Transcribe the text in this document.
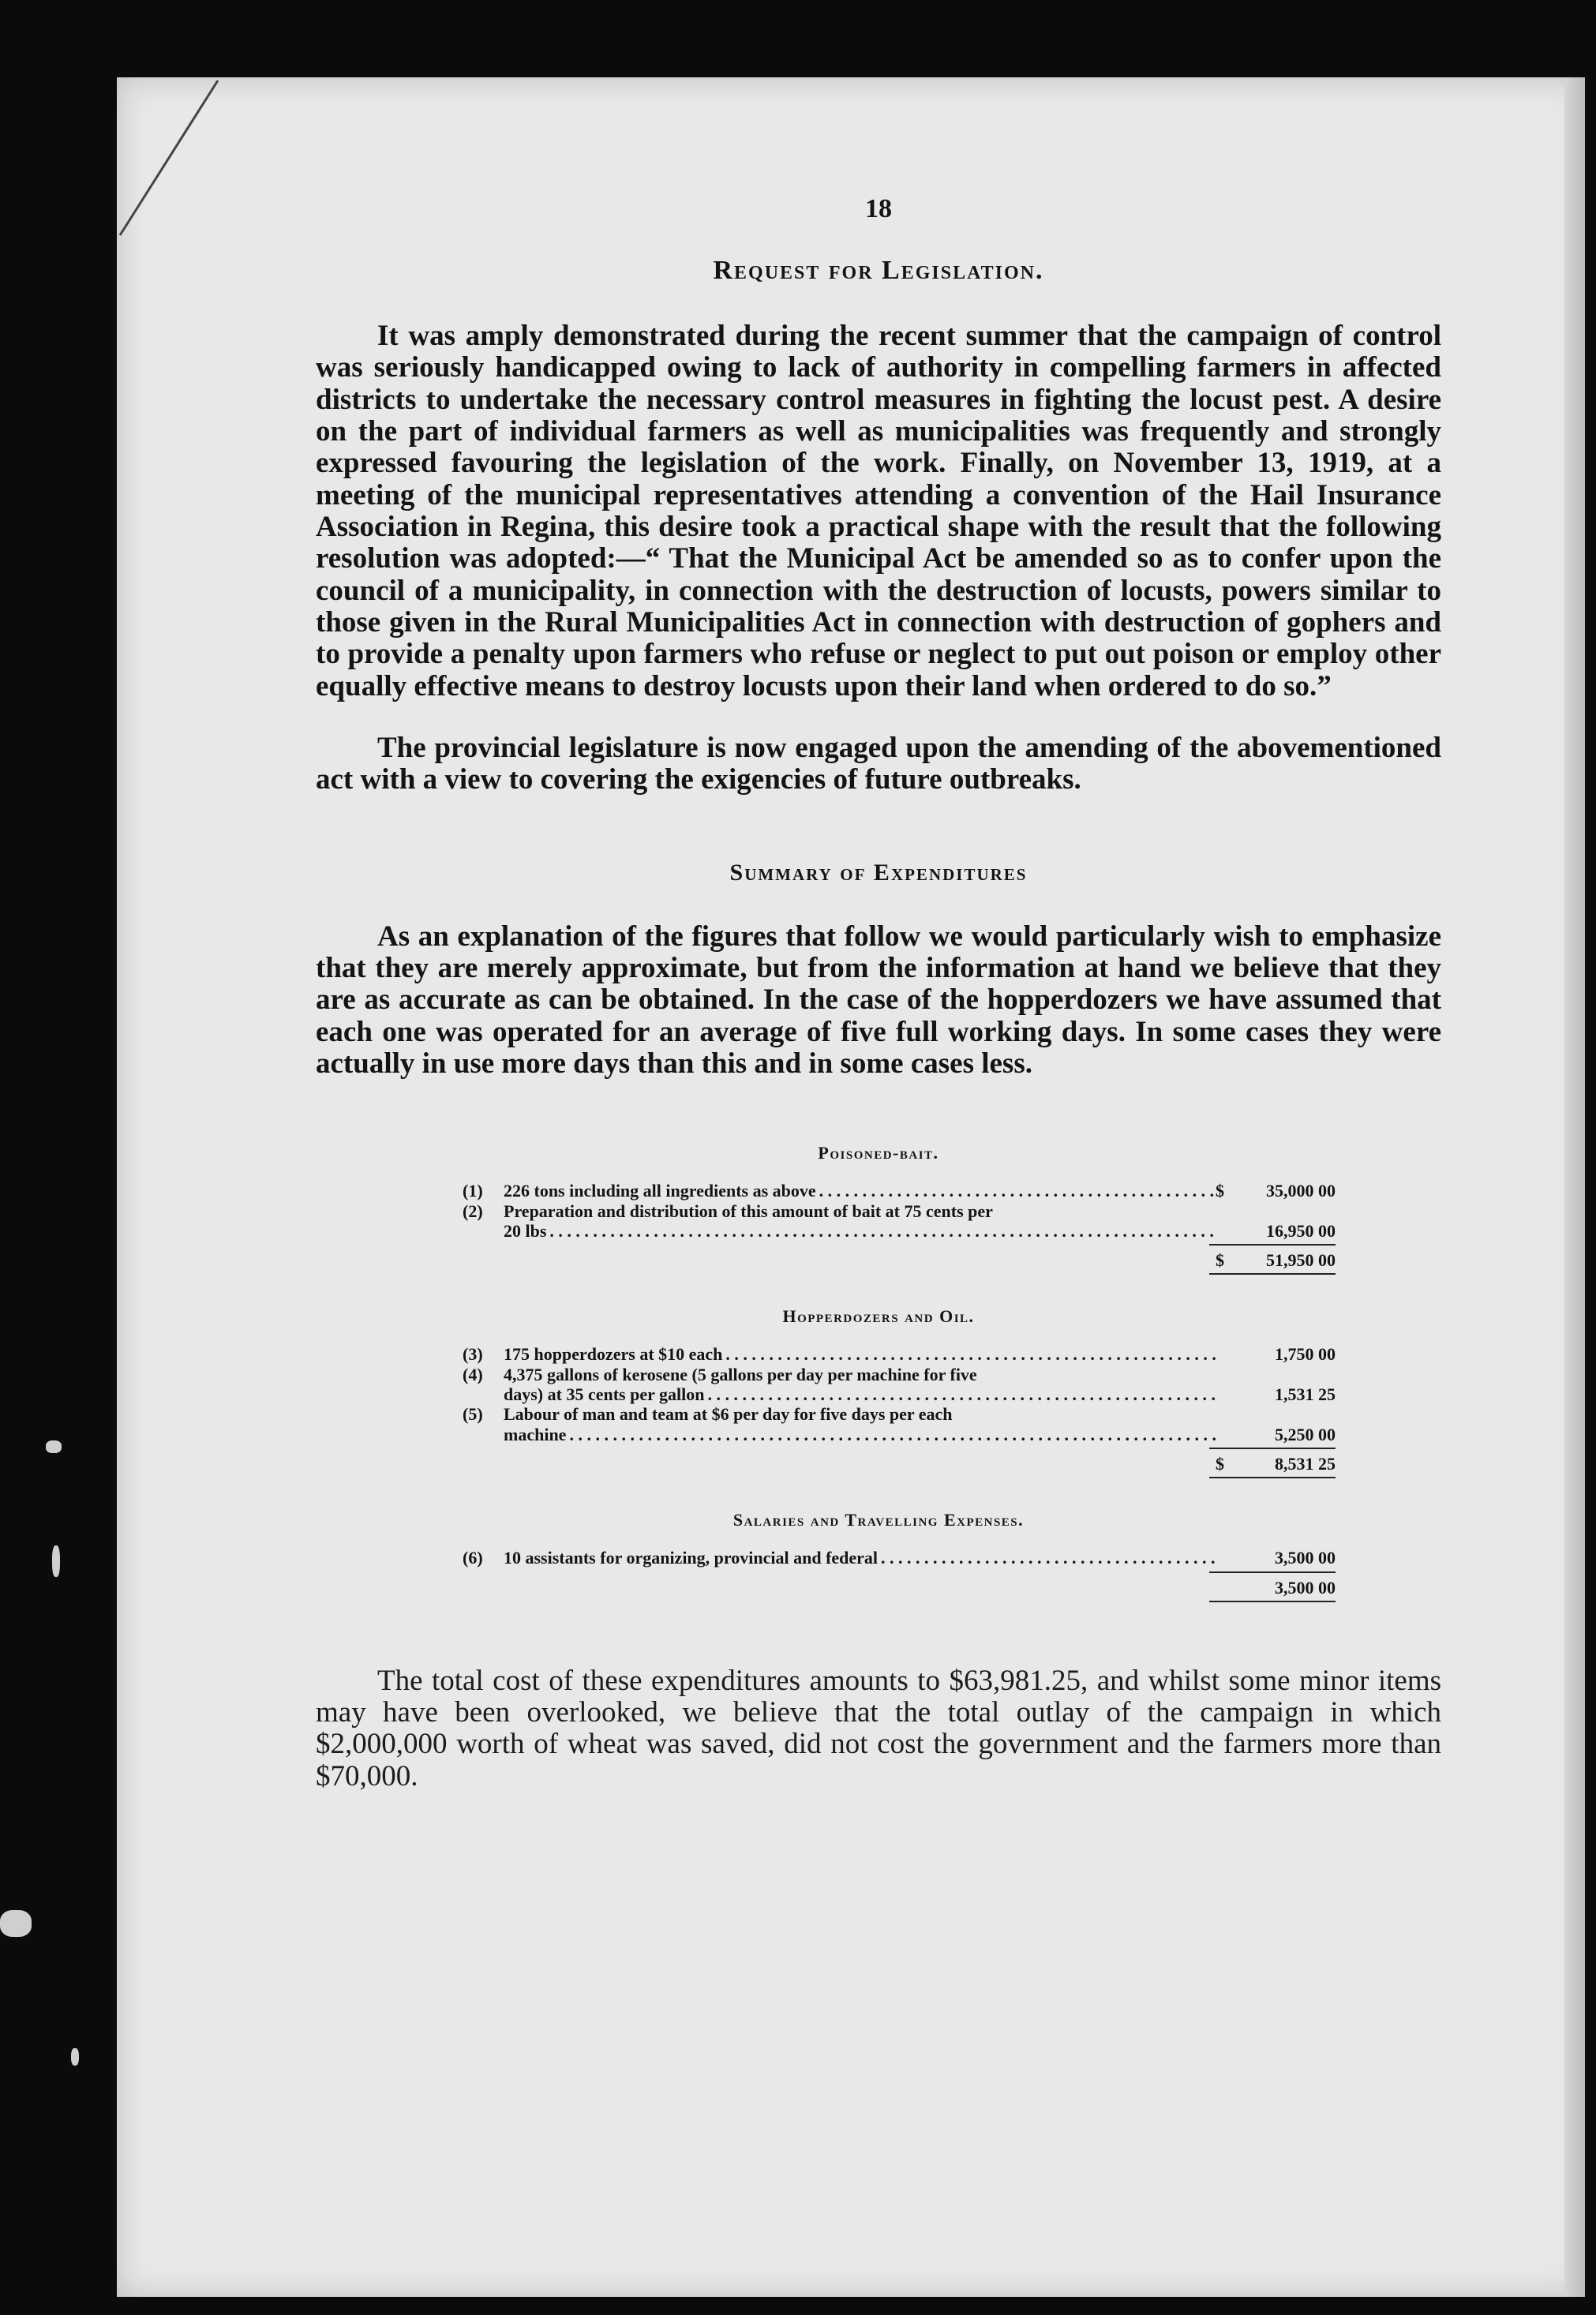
18

Request for Legislation.

It was amply demonstrated during the recent summer that the campaign of control was seriously handicapped owing to lack of authority in compelling farmers in affected districts to undertake the necessary control measures in fighting the locust pest. A desire on the part of individual farmers as well as municipalities was frequently and strongly expressed favouring the legislation of the work. Finally, on November 13, 1919, at a meeting of the municipal representatives attending a convention of the Hail Insurance Association in Regina, this desire took a practical shape with the result that the following resolution was adopted:—“ That the Municipal Act be amended so as to confer upon the council of a municipality, in connection with the destruction of locusts, powers similar to those given in the Rural Municipalities Act in connection with destruction of gophers and to provide a penalty upon farmers who refuse or neglect to put out poison or employ other equally effective means to destroy locusts upon their land when ordered to do so.”

The provincial legislature is now engaged upon the amending of the abovementioned act with a view to covering the exigencies of future outbreaks.

Summary of Expenditures

As an explanation of the figures that follow we would particularly wish to emphasize that they are merely approximate, but from the information at hand we believe that they are as accurate as can be obtained. In the case of the hopperdozers we have assumed that each one was operated for an average of five full working days. In some cases they were actually in use more days than this and in some cases less.

Poisoned-bait.

(1)	226 tons including all ingredients as above . . .	$	35,000 00
(2)	Preparation and distribution of this amount of bait at 75 cents per
20 lbs . . .	16,950 00
$	51,950 00

Hopperdozers and Oil.

(3)	175 hopperdozers at $10 each . . .	1,750 00
(4)	4,375 gallons of kerosene (5 gallons per day per machine for five
days) at 35 cents per gallon . . .	1,531 25
(5)	Labour of man and team at $6 per day for five days per each
machine . . .	5,250 00
$	8,531 25

Salaries and Travelling Expenses.

(6)	10 assistants for organizing, provincial and federal . . .	3,500 00
3,500 00

The total cost of these expenditures amounts to $63,981.25, and whilst some minor items may have been overlooked, we believe that the total outlay of the campaign in which $2,000,000 worth of wheat was saved, did not cost the government and the farmers more than $70,000.
